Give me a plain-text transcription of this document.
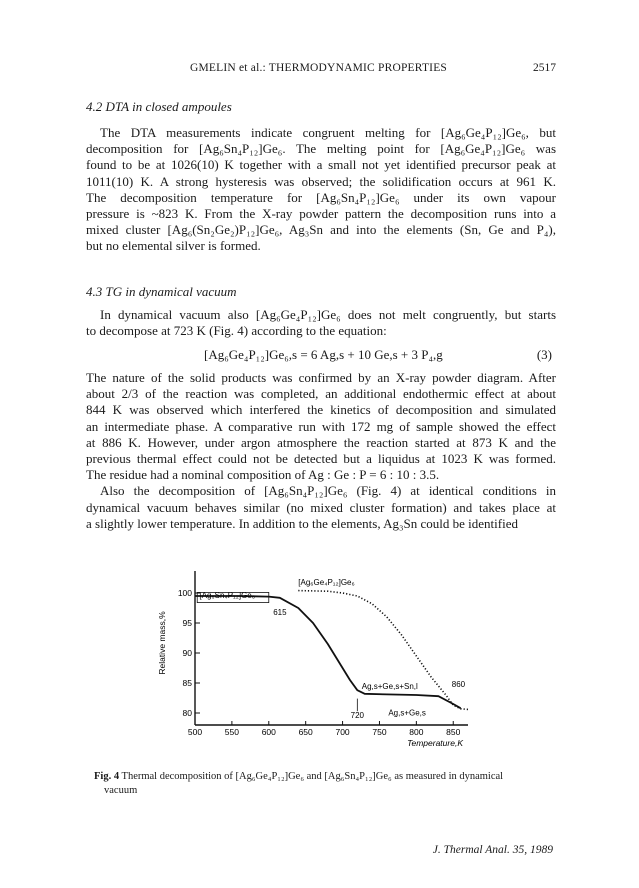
GMELIN et al.: THERMODYNAMIC PROPERTIES	2517
4.2 DTA in closed ampoules
The DTA measurements indicate congruent melting for [Ag₆Ge₄P₁₂]Ge₆, but
decomposition for [Ag₆Sn₄P₁₂]Ge₆. The melting point for [Ag₆Ge₄P₁₂]Ge₆ was
found to be at 1026(10) K together with a small not yet identified precursor peak at
1011(10) K. A strong hysteresis was observed; the solidification occurs at 961 K.
The decomposition temperature for [Ag₆Sn₄P₁₂]Ge₆ under its own vapour
pressure is ~823 K. From the X-ray powder pattern the decomposition runs into a
mixed cluster [Ag₆(Sn₂Ge₂)P₁₂]Ge₆, Ag₃Sn and into the elements (Sn, Ge and P₄),
but no elemental silver is formed.
4.3 TG in dynamical vacuum
In dynamical vacuum also [Ag₆Ge₄P₁₂]Ge₆ does not melt congruently, but starts
to decompose at 723 K (Fig. 4) according to the equation:
[Ag₆Ge₄P₁₂]Ge₆,s = 6 Ag,s + 10 Ge,s + 3 P₄,g	(3)
The nature of the solid products was confirmed by an X-ray powder diagram. After
about 2/3 of the reaction was completed, an additional endothermic effect at about
844 K was observed which interfered the kinetics of decomposition and simulated
an intermediate phase. A comparative run with 172 mg of sample showed the effect
at 886 K. However, under argon atmosphere the reaction started at 873 K and the
previous thermal effect could not be detected but a liquidus at 1023 K was formed.
The residue had a nominal composition of Ag : Ge : P = 6 : 10 : 3.5.
Also the decomposition of [Ag₆Sn₄P₁₂]Ge₆ (Fig. 4) at identical conditions in
dynamical vacuum behaves similar (no mixed cluster formation) and takes place at
a slightly lower temperature. In addition to the elements, Ag₃Sn could be identified
500	550	600	650	700	750	800	850
100
95
90
85
80
Temperature,K
Relative mass,%
[Ag₆Ge₄P₁₂]Ge₆
[Ag₆Sn₄P₁₂]Ge₆
615
720
860
Ag,s+Ge,s+Sn,l
Ag,s+Ge,s
Fig. 4 Thermal decomposition of [Ag₆Ge₄P₁₂]Ge₆ and [Ag₆Sn₄P₁₂]Ge₆ as measured in dynamical
vacuum
J. Thermal Anal. 35, 1989
